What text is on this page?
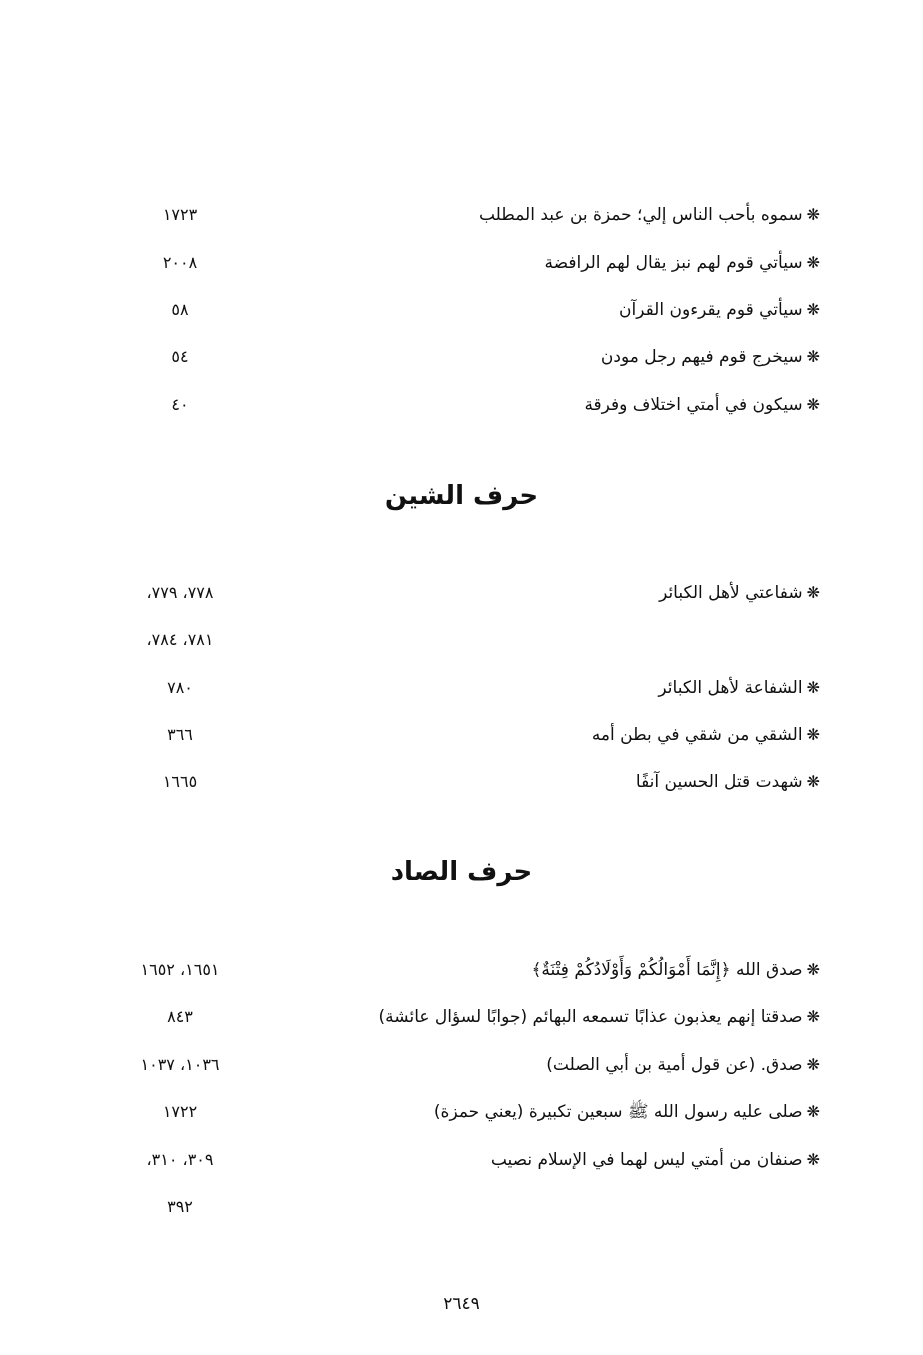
❋سموه بأحب الناس إلي؛ حمزة بن عبد المطلب
١٧٢٣
❋سيأتي قوم لهم نبز يقال لهم الرافضة
٢٠٠٨
❋سيأتي قوم يقرءون القرآن
٥٨
❋سيخرج قوم فيهم رجل مودن
٥٤
❋سيكون في أمتي اختلاف وفرقة
٤٠
حرف الشين
❋شفاعتي لأهل الكبائر
٧٧٨، ٧٧٩،
٧٨١، ٧٨٤،
❋الشفاعة لأهل الكبائر
٧٨٠
❋الشقي من شقي في بطن أمه
٣٦٦
❋شهدت قتل الحسين آنفًا
١٦٦٥
حرف الصاد
❋صدق الله ﴿إِنَّمَا أَمْوَالُكُمْ وَأَوْلَادُكُمْ فِتْنَةٌ﴾
١٦٥١، ١٦٥٢
❋صدقتا إنهم يعذبون عذابًا تسمعه البهائم (جوابًا لسؤال عائشة)
٨٤٣
❋صدق. (عن قول أمية بن أبي الصلت)
١٠٣٦، ١٠٣٧
❋صلى عليه رسول الله ﷺ سبعين تكبيرة (يعني حمزة)
١٧٢٢
❋صنفان من أمتي ليس لهما في الإسلام نصيب
٣٠٩، ٣١٠،
٣٩٢
٢٦٤٩
